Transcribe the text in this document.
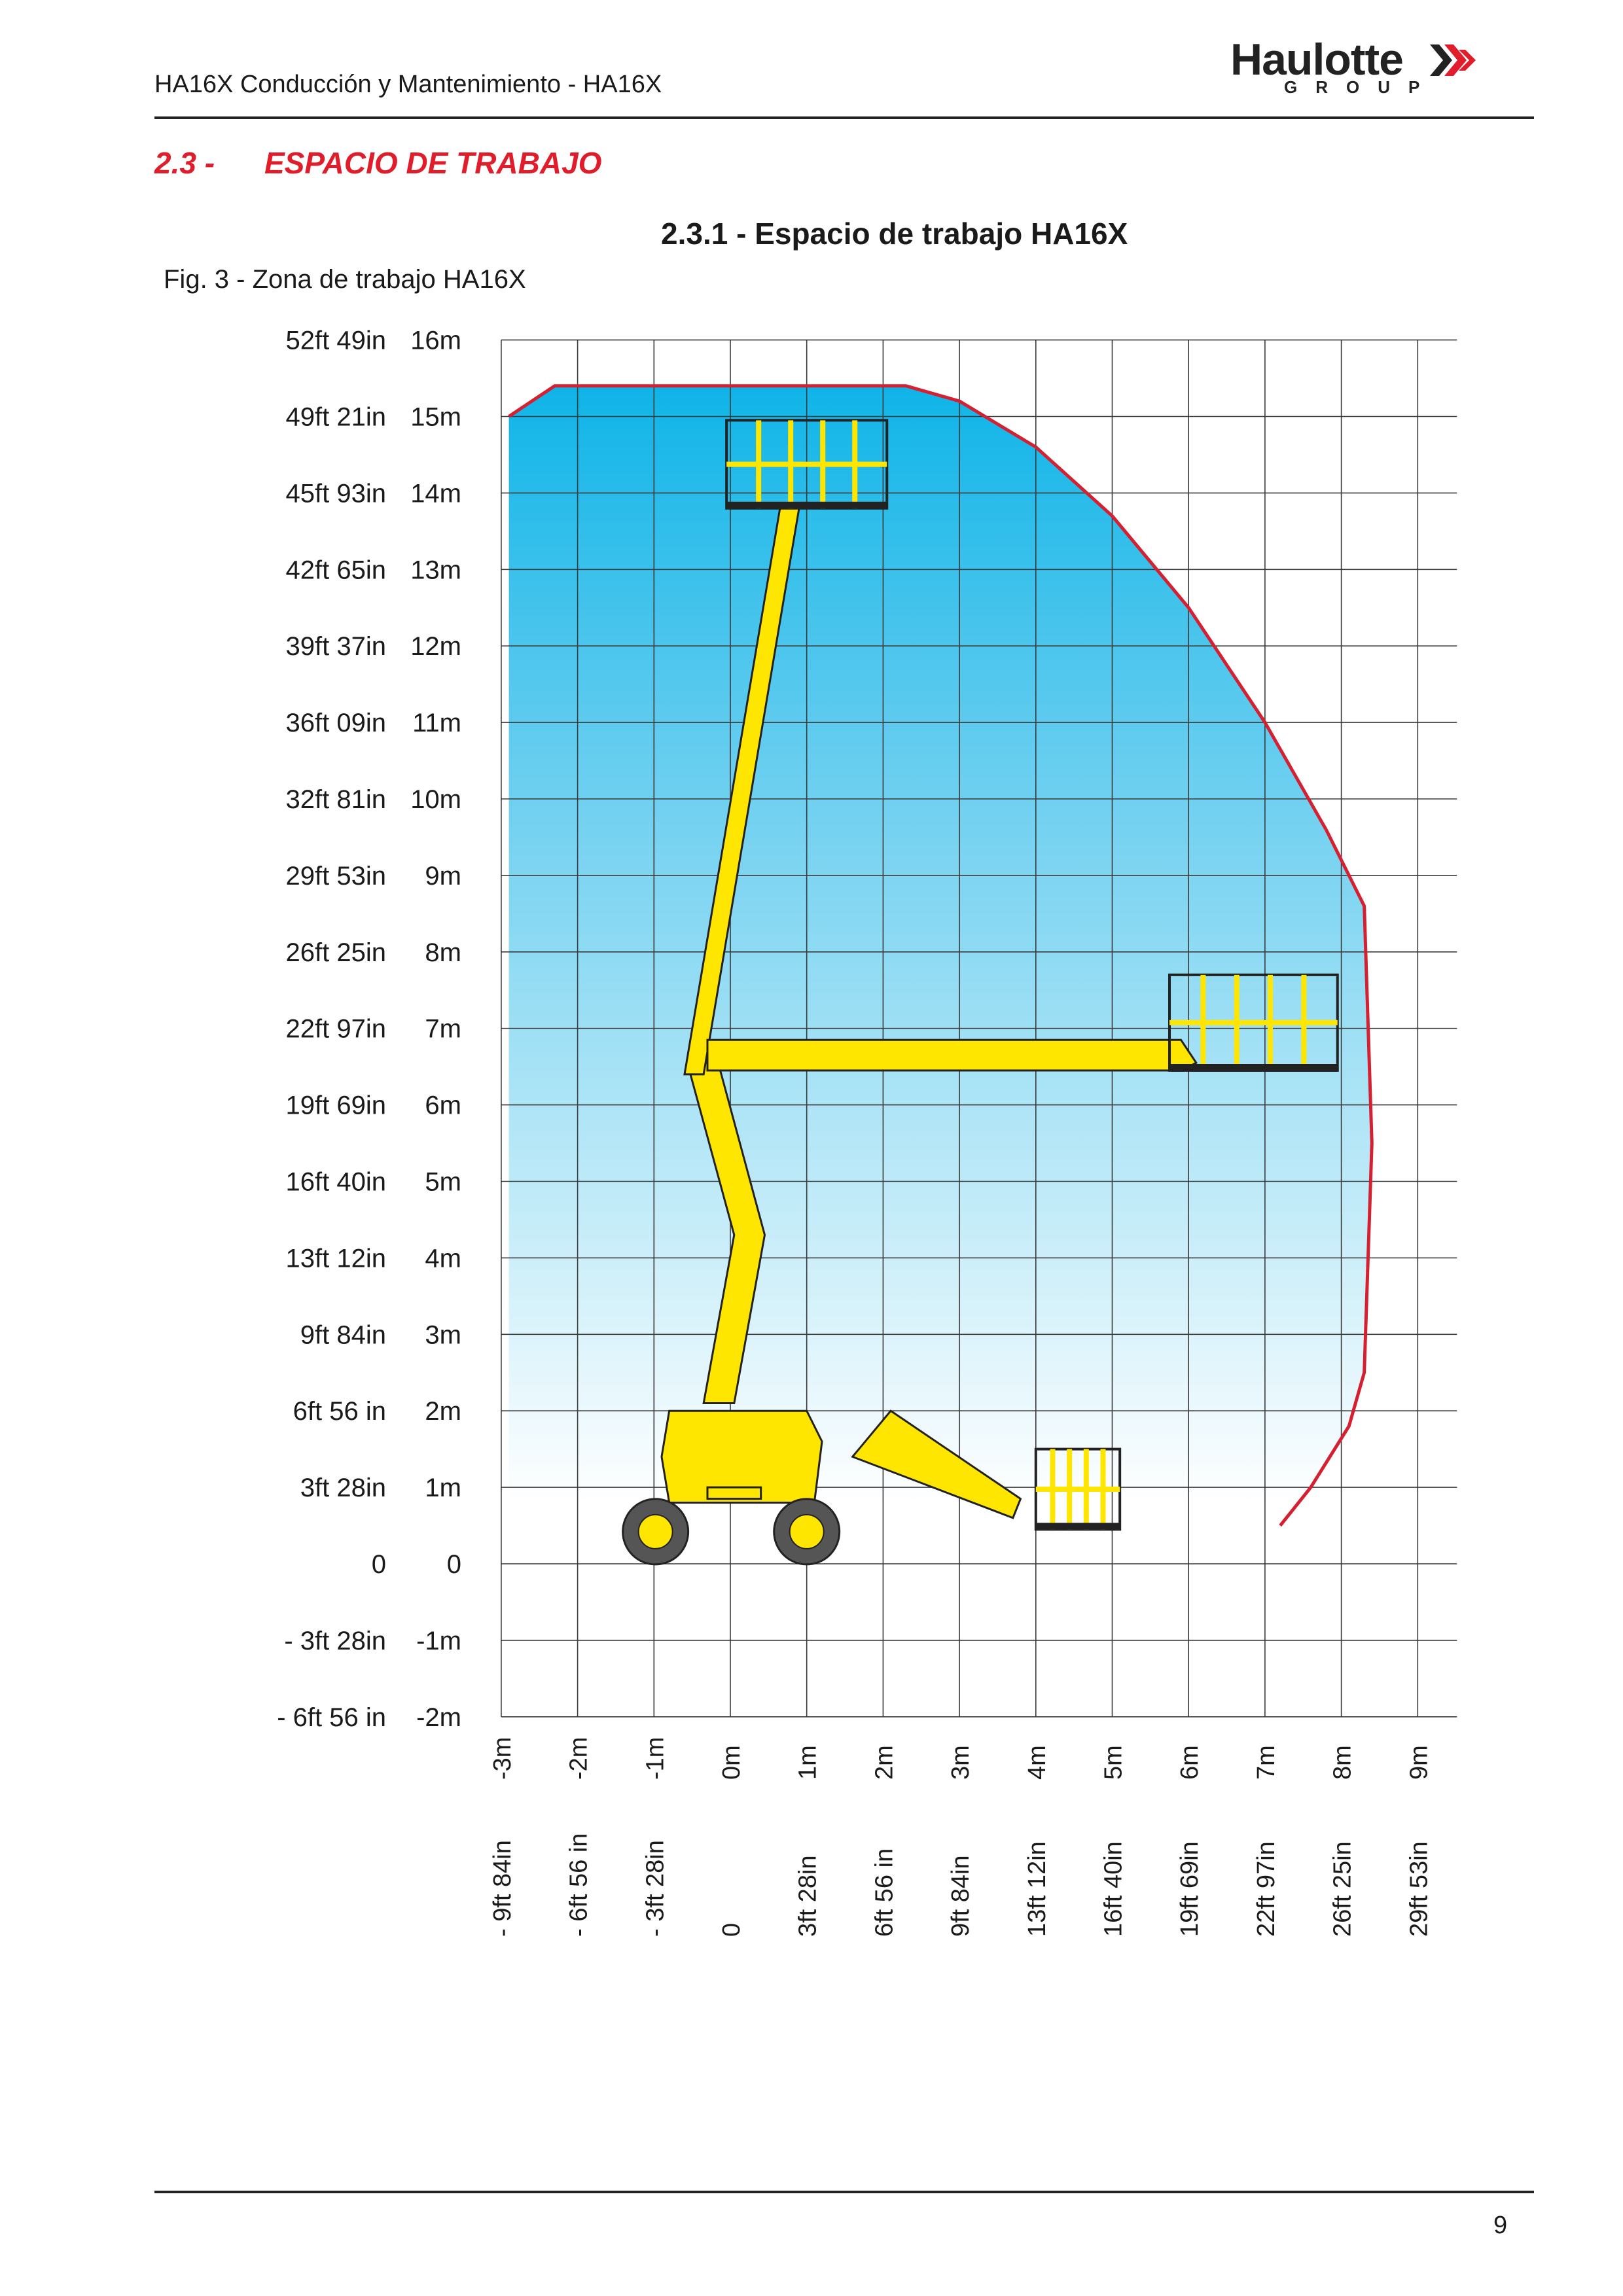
HA16X Conducción y Mantenimiento - HA16X	Haulotte
GROUP
2.3 - ESPACIO DE TRABAJO
2.3.1 - Espacio de trabajo HA16X
Fig. 3 - Zona de trabajo HA16X
16m
52ft 49in
15m
49ft 21in
14m
45ft 93in
13m
42ft 65in
12m
39ft 37in
11m
36ft 09in
10m
32ft 81in
9m
29ft 53in
8m
26ft 25in
7m
22ft 97in
6m
19ft 69in
5m
16ft 40in
4m
13ft 12in
3m
9ft 84in
2m
6ft 56 in
1m
3ft 28in
0
0
-1m
- 3ft 28in
-2m
- 6ft 56 in
-3m
- 9ft 84in
-2m
- 6ft 56 in
-1m
- 3ft 28in
0m
0
1m
3ft 28in
2m
6ft 56 in
3m
9ft 84in
4m
13ft 12in
5m
16ft 40in
6m
19ft 69in
7m
22ft 97in
8m
26ft 25in
9m
29ft 53in
9
